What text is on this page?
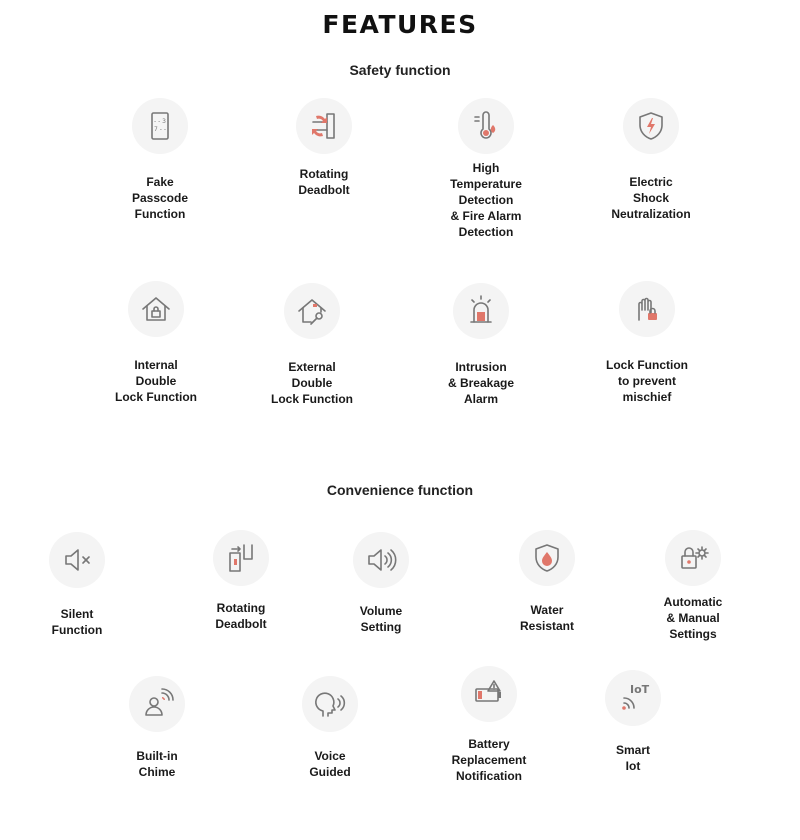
FEATURES
Safety function
- - 3
7 - -
Fake
Passcode
Function
Rotating
Deadbolt
High
Temperature
Detection
& Fire Alarm
Detection
Electric
Shock
Neutralization
Internal
Double
Lock Function
External
Double
Lock Function
Intrusion
& Breakage
Alarm
Lock Function
to prevent
mischief
Convenience function
Silent
Function
Rotating
Deadbolt
Volume
Setting
Water
Resistant
Automatic
& Manual
Settings
Built-in
Chime
Voice
Guided
Battery
Replacement
Notification
IoT
Smart
Iot
